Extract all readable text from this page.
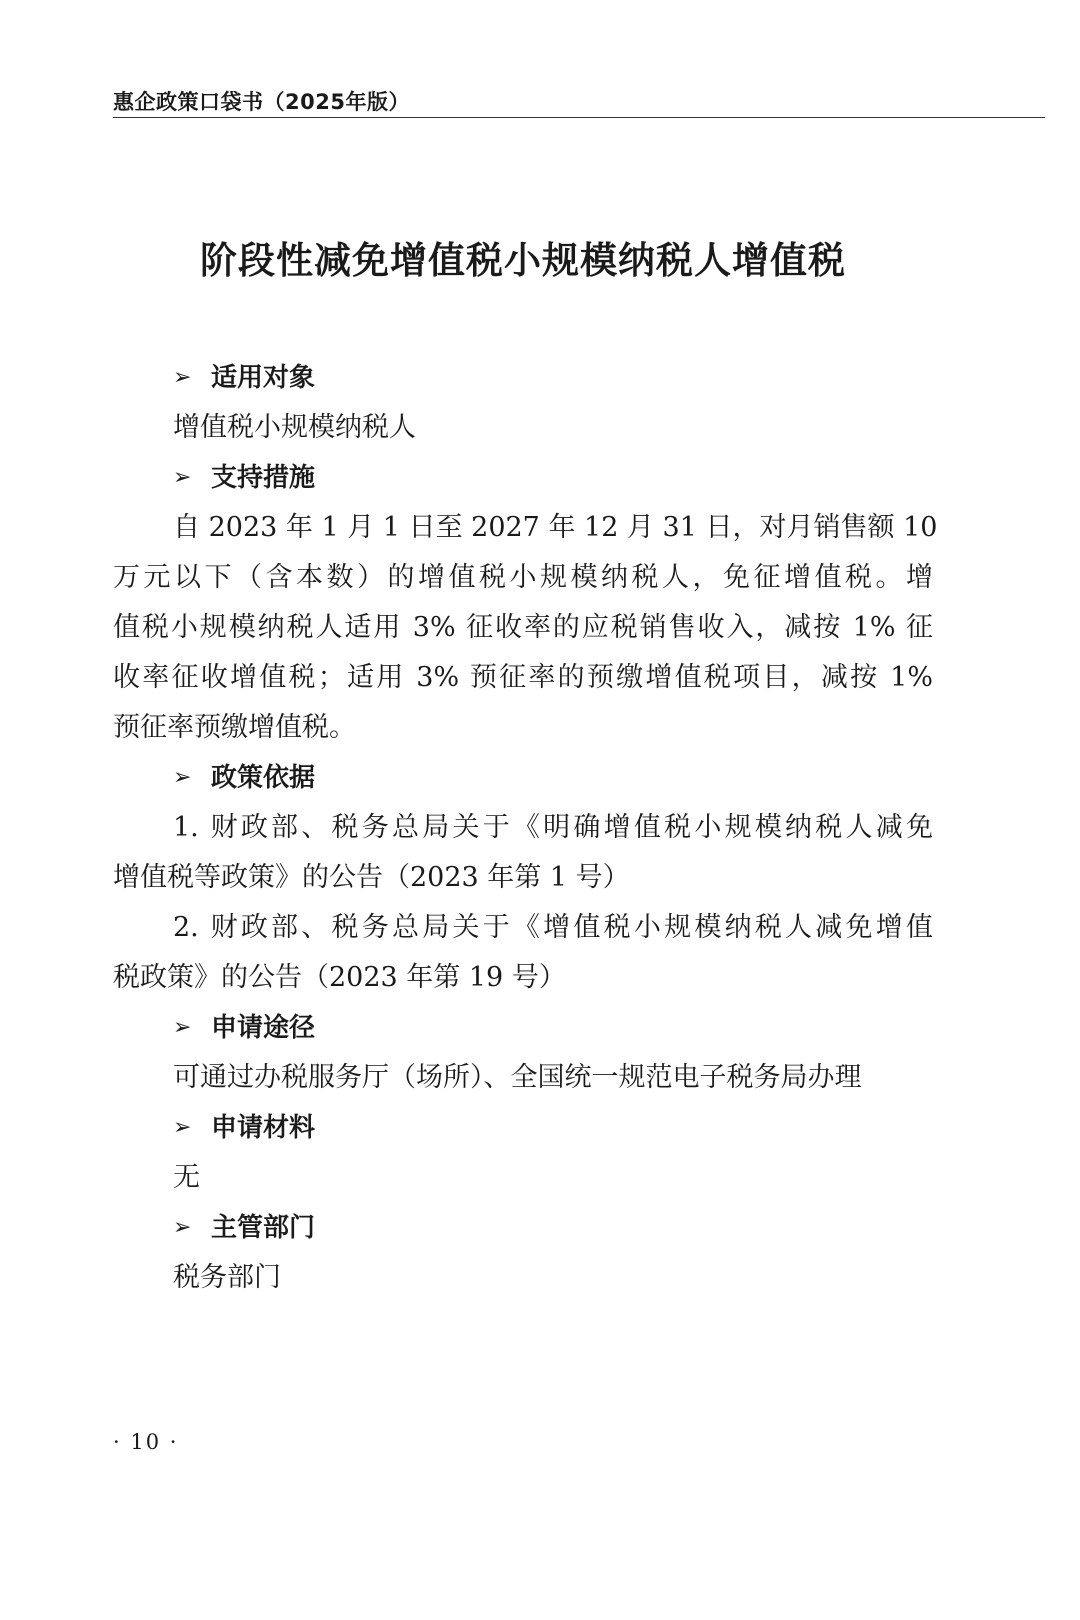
惠企政策口袋书（2025年版）
阶段性减免增值税小规模纳税人增值税
➢ 适用对象
增值税小规模纳税人
➢ 支持措施
自 2023 年 1 月 1 日至 2027 年 12 月 31 日，对月销售额 10
万元以下（含本数）的增值税小规模纳税人，免征增值税。增
值税小规模纳税人适用 3% 征收率的应税销售收入，减按 1% 征
收率征收增值税；适用 3% 预征率的预缴增值税项目，减按 1%
预征率预缴增值税。
➢ 政策依据
1. 财政部、税务总局关于《明确增值税小规模纳税人减免
增值税等政策》的公告（2023 年第 1 号）
2. 财政部、税务总局关于《增值税小规模纳税人减免增值
税政策》的公告（2023 年第 19 号）
➢ 申请途径
可通过办税服务厅（场所）、全国统一规范电子税务局办理
➢ 申请材料
无
➢ 主管部门
税务部门
· 10 ·
